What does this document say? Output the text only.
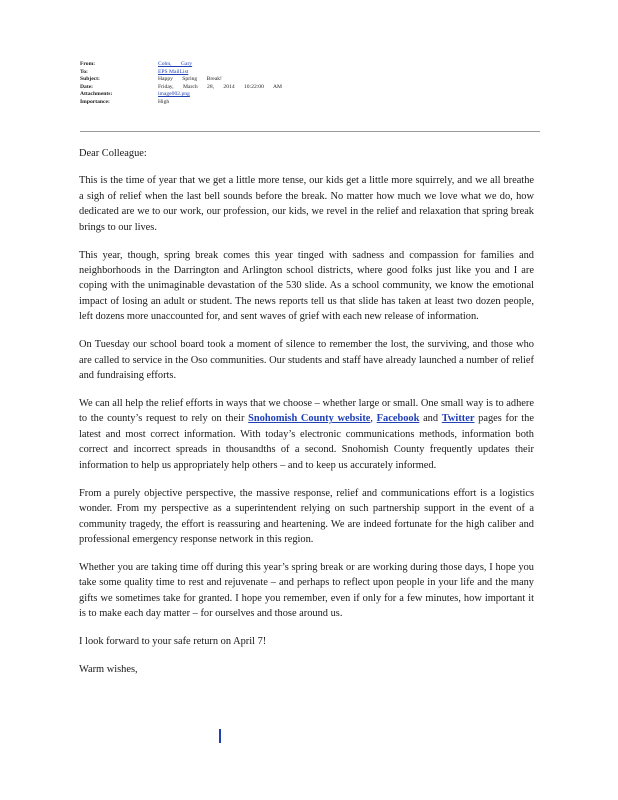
From:	Cohn, Gary
To:	EPS MailList
Subject:	Happy Spring Break!
Date:	Friday, March 28, 2014 10:22:00 AM
Attachments:	image002.png
Importance:	High

Dear Colleague:

This is the time of year that we get a little more tense, our kids get a little more squirrely, and we all breathe a sigh of relief when the last bell sounds before the break. No matter how much we love what we do, how dedicated are we to our work, our profession, our kids, we revel in the relief and relaxation that spring break brings to our lives.

This year, though, spring break comes this year tinged with sadness and compassion for families and neighborhoods in the Darrington and Arlington school districts, where good folks just like you and I are coping with the unimaginable devastation of the 530 slide. As a school community, we know the emotional impact of losing an adult or student. The news reports tell us that slide has taken at least two dozen people, left dozens more unaccounted for, and sent waves of grief with each new release of information.

On Tuesday our school board took a moment of silence to remember the lost, the surviving, and those who are called to service in the Oso communities. Our students and staff have already launched a number of relief and fundraising efforts.

We can all help the relief efforts in ways that we choose – whether large or small. One small way is to adhere to the county’s request to rely on their Snohomish County website, Facebook and Twitter pages for the latest and most correct information. With today’s electronic communications methods, information both correct and incorrect spreads in thousandths of a second. Snohomish County frequently updates their information to help us appropriately help others – and to keep us accurately informed.

From a purely objective perspective, the massive response, relief and communications effort is a logistics wonder. From my perspective as a superintendent relying on such partnership support in the event of a community tragedy, the effort is reassuring and heartening. We are indeed fortunate for the high caliber and professional emergency response network in this region.

Whether you are taking time off during this year’s spring break or are working during those days, I hope you take some quality time to rest and rejuvenate – and perhaps to reflect upon people in your life and the many gifts we sometimes take for granted. I hope you remember, even if only for a few minutes, how important it is to make each day matter – for ourselves and those around us.

I look forward to your safe return on April 7!

Warm wishes,
